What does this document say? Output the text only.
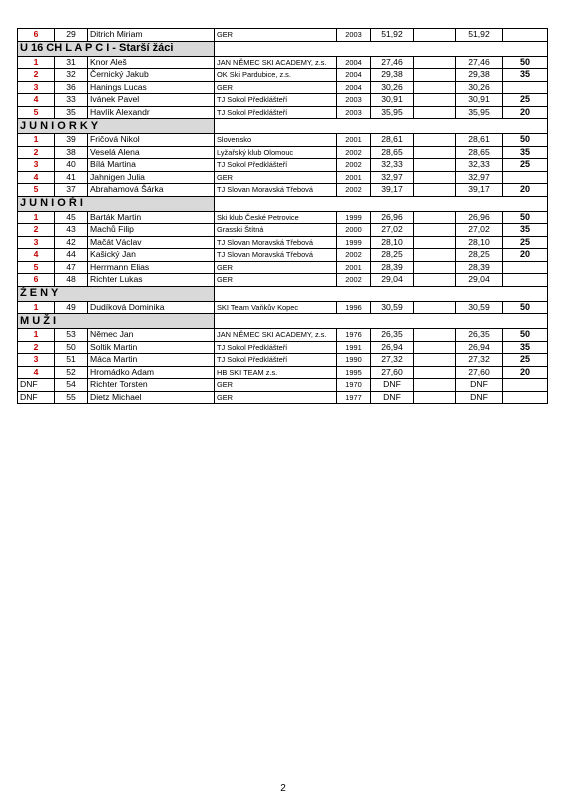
6	29	Ditrich Miriam	GER	2003	51,92		51,92	
U 16 CH L A P C I - Starší žáci								
1	31	Knor Aleš	JAN NĚMEC SKI ACADEMY, z.s.	2004	27,46		27,46	50
2	32	Černický Jakub	OK Ski Pardubice, z.s.	2004	29,38		29,38	35
3	36	Hanings Lucas	GER	2004	30,26		30,26	
4	33	Ivánek Pavel	TJ Sokol Předklášteří	2003	30,91		30,91	25
5	35	Havlík Alexandr	TJ Sokol Předklášteří	2003	35,95		35,95	20
J U N I O R K Y								
1	39	Fričová Nikol	Slovensko	2001	28,61		28,61	50
2	38	Veselá Alena	Lyžařský klub Olomouc	2002	28,65		28,65	35
3	40	Bílá Martina	TJ Sokol Předklášteří	2002	32,33		32,33	25
4	41	Jahnigen Julia	GER	2001	32,97		32,97	
5	37	Abrahamová Šárka	TJ Slovan Moravská Třebová	2002	39,17		39,17	20
J U N I O Ř I								
1	45	Barták Martin	Ski klub České Petrovice	1999	26,96		26,96	50
2	43	Machů Filip	Grasski Štítná	2000	27,02		27,02	35
3	42	Mačát Václav	TJ Slovan Moravská Třebová	1999	28,10		28,10	25
4	44	Kašický Jan	TJ Slovan Moravská Třebová	2002	28,25		28,25	20
5	47	Herrmann Elias	GER	2001	28,39		28,39	
6	48	Richter Lukas	GER	2002	29,04		29,04	
Ž E N Y								
1	49	Dudíková Dominika	SKI Team Vaňkův Kopec	1996	30,59		30,59	50
M U Ž I								
1	53	Němec Jan	JAN NĚMEC SKI ACADEMY, z.s.	1976	26,35		26,35	50
2	50	Soltik Martin	TJ Sokol Předklášteří	1991	26,94		26,94	35
3	51	Máca Martin	TJ Sokol Předklášteří	1990	27,32		27,32	25
4	52	Hromádko Adam	HB SKI TEAM z.s.	1995	27,60		27,60	20
DNF	54	Richter Torsten	GER	1970	DNF		DNF	
DNF	55	Dietz Michael	GER	1977	DNF		DNF	
2
